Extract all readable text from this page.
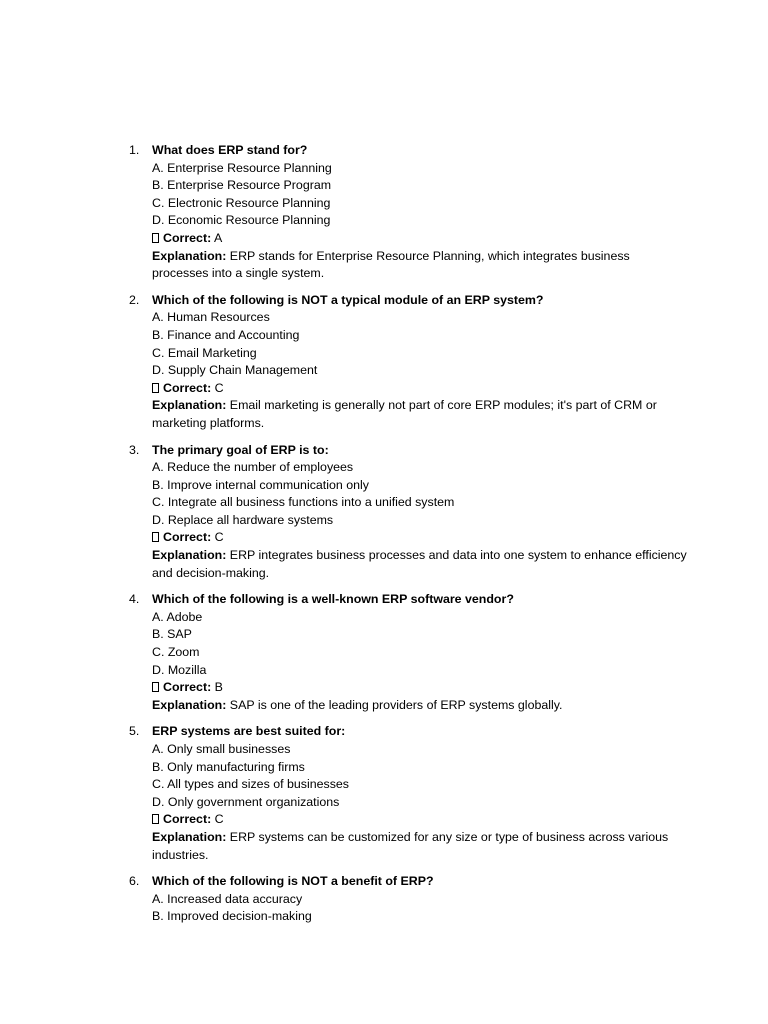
1. What does ERP stand for?
A. Enterprise Resource Planning
B. Enterprise Resource Program
C. Electronic Resource Planning
D. Economic Resource Planning
Correct: A
Explanation: ERP stands for Enterprise Resource Planning, which integrates business processes into a single system.
2. Which of the following is NOT a typical module of an ERP system?
A. Human Resources
B. Finance and Accounting
C. Email Marketing
D. Supply Chain Management
Correct: C
Explanation: Email marketing is generally not part of core ERP modules; it's part of CRM or marketing platforms.
3. The primary goal of ERP is to:
A. Reduce the number of employees
B. Improve internal communication only
C. Integrate all business functions into a unified system
D. Replace all hardware systems
Correct: C
Explanation: ERP integrates business processes and data into one system to enhance efficiency and decision-making.
4. Which of the following is a well-known ERP software vendor?
A. Adobe
B. SAP
C. Zoom
D. Mozilla
Correct: B
Explanation: SAP is one of the leading providers of ERP systems globally.
5. ERP systems are best suited for:
A. Only small businesses
B. Only manufacturing firms
C. All types and sizes of businesses
D. Only government organizations
Correct: C
Explanation: ERP systems can be customized for any size or type of business across various industries.
6. Which of the following is NOT a benefit of ERP?
A. Increased data accuracy
B. Improved decision-making
